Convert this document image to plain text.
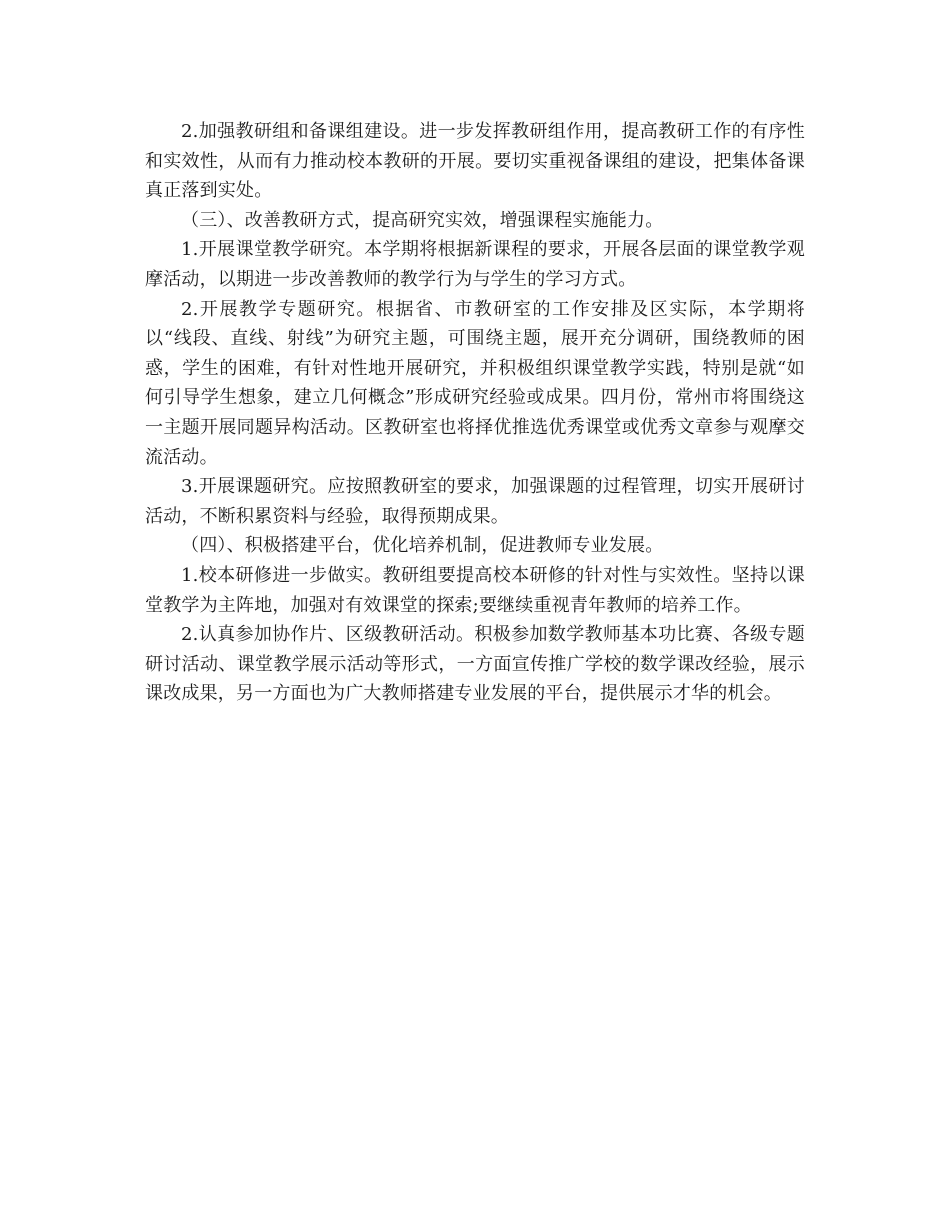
2.加强教研组和备课组建设。进一步发挥教研组作用，提高教研工作的有序性和实效性，从而有力推动校本教研的开展。要切实重视备课组的建设，把集体备课真正落到实处。

（三）、改善教研方式，提高研究实效，增强课程实施能力。

1.开展课堂教学研究。本学期将根据新课程的要求，开展各层面的课堂教学观摩活动，以期进一步改善教师的教学行为与学生的学习方式。

2.开展教学专题研究。根据省、市教研室的工作安排及区实际，本学期将以“线段、直线、射线”为研究主题，可围绕主题，展开充分调研，围绕教师的困惑，学生的困难，有针对性地开展研究，并积极组织课堂教学实践，特别是就“如何引导学生想象，建立几何概念”形成研究经验或成果。四月份，常州市将围绕这一主题开展同题异构活动。区教研室也将择优推选优秀课堂或优秀文章参与观摩交流活动。

3.开展课题研究。应按照教研室的要求，加强课题的过程管理，切实开展研讨活动，不断积累资料与经验，取得预期成果。

（四）、积极搭建平台，优化培养机制，促进教师专业发展。

1.校本研修进一步做实。教研组要提高校本研修的针对性与实效性。坚持以课堂教学为主阵地，加强对有效课堂的探索;要继续重视青年教师的培养工作。

2.认真参加协作片、区级教研活动。积极参加数学教师基本功比赛、各级专题研讨活动、课堂教学展示活动等形式，一方面宣传推广学校的数学课改经验，展示课改成果，另一方面也为广大教师搭建专业发展的平台，提供展示才华的机会。
